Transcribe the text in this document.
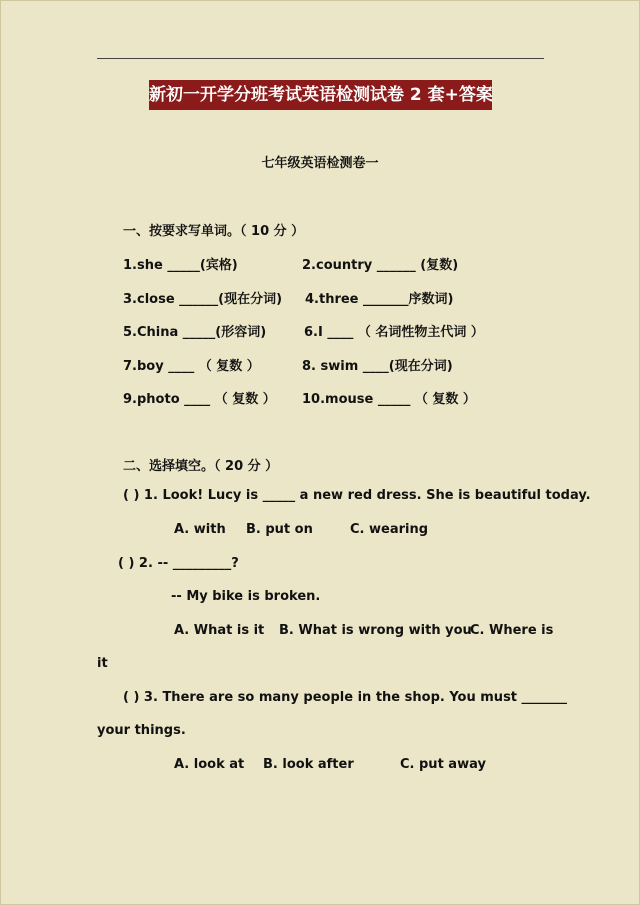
新初一开学分班考试英语检测试卷 2 套+答案
七年级英语检测卷一
一、按要求写单词。（ 10 分 ）
1.she _____(宾格)	2.country ______ (复数)
3.close ______(现在分词) 4.three _______序数词)
5.China _____(形容词)	6.I ____ （ 名词性物主代词 ）
7.boy ____ （ 复数 ）	8. swim ____(现在分词)
9.photo ____ （ 复数 ） 10.mouse _____ （ 复数 ）
二、选择填空。（ 20 分 ）
( ) 1. Look! Lucy is _____ a new red dress. She is beautiful today.
A. with B. put on	C. wearing
( ) 2. -- _________?
-- My bike is broken.
A. What is it B. What is wrong with you
C. Where is
it
( ) 3. There are so many people in the shop. You must _______
your things.
A. look at B. look after	C. put away
